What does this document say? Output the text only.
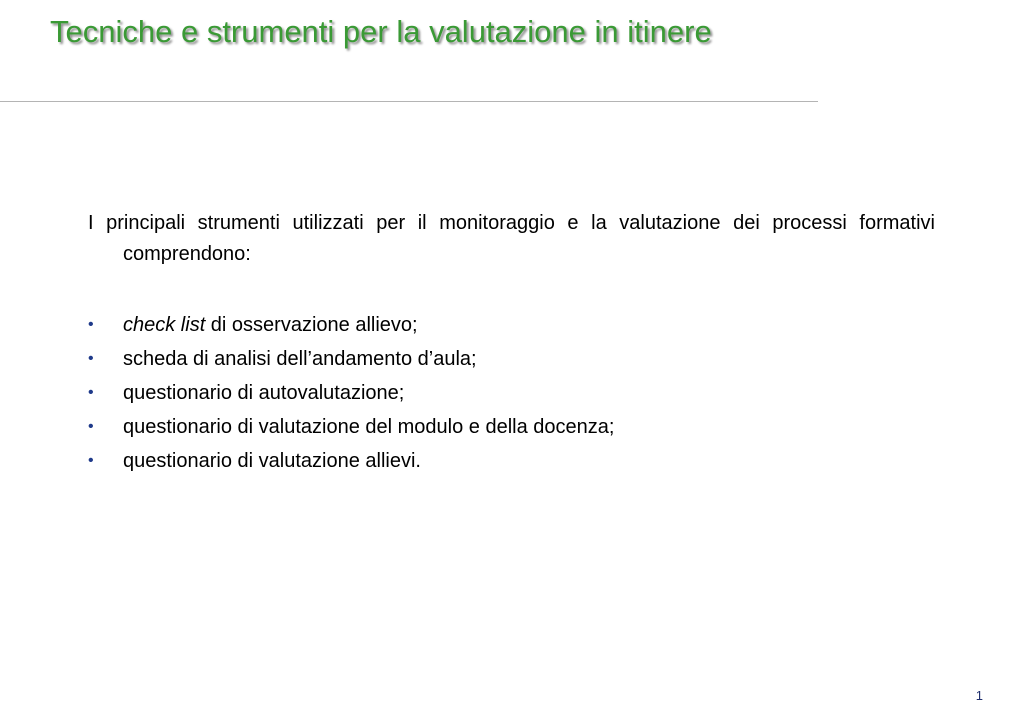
Tecniche e strumenti per la valutazione in itinere

I principali strumenti utilizzati per il monitoraggio e la valutazione dei processi formativi comprendono:

• check list di osservazione allievo;
• scheda di analisi dell’andamento d’aula;
• questionario di autovalutazione;
• questionario di valutazione del modulo e della docenza;
• questionario di valutazione allievi.
1
